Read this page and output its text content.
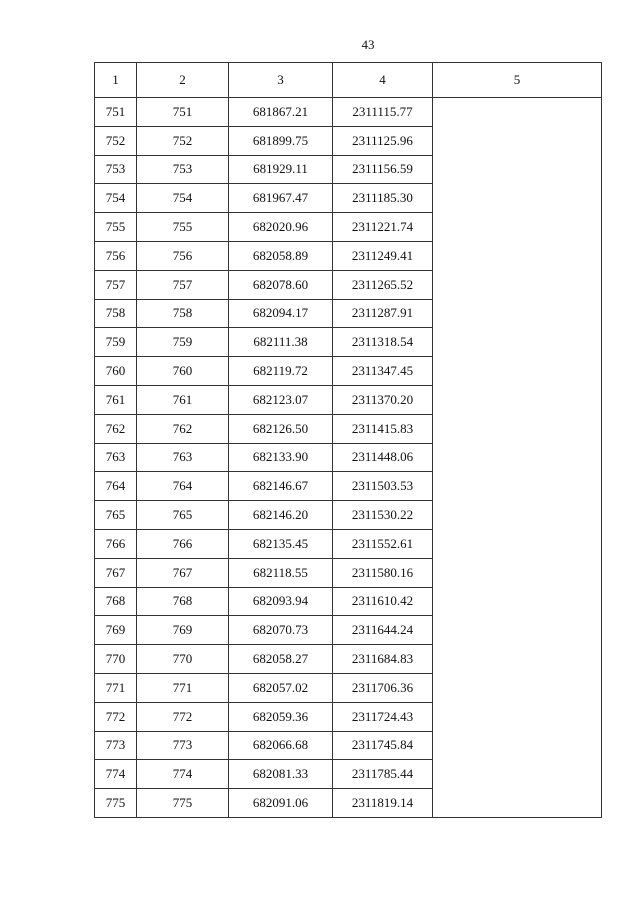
43
1	2	3	4	5
751	751	681867.21	2311115.77	
752	752	681899.75	2311125.96	
753	753	681929.11	2311156.59	
754	754	681967.47	2311185.30	
755	755	682020.96	2311221.74	
756	756	682058.89	2311249.41	
757	757	682078.60	2311265.52	
758	758	682094.17	2311287.91	
759	759	682111.38	2311318.54	
760	760	682119.72	2311347.45	
761	761	682123.07	2311370.20	
762	762	682126.50	2311415.83	
763	763	682133.90	2311448.06	
764	764	682146.67	2311503.53	
765	765	682146.20	2311530.22	
766	766	682135.45	2311552.61	
767	767	682118.55	2311580.16	
768	768	682093.94	2311610.42	
769	769	682070.73	2311644.24	
770	770	682058.27	2311684.83	
771	771	682057.02	2311706.36	
772	772	682059.36	2311724.43	
773	773	682066.68	2311745.84	
774	774	682081.33	2311785.44	
775	775	682091.06	2311819.14	
